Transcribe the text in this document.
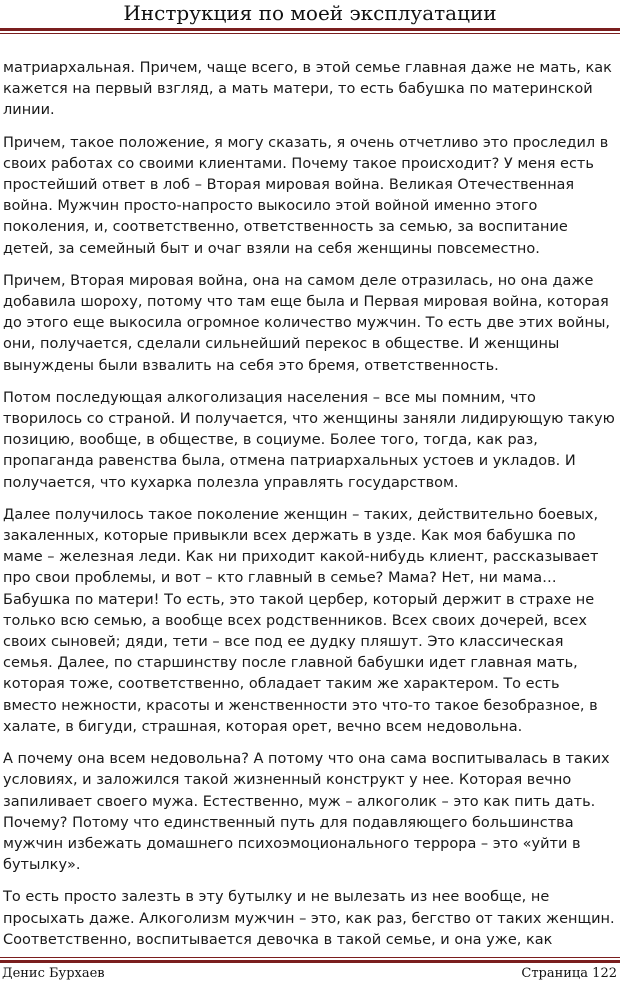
Инструкция по моей эксплуатации

матриархальная. Причем, чаще всего, в этой семье главная даже не мать, как кажется на первый взгляд, а мать матери, то есть бабушка по материнской линии.

Причем, такое положение, я могу сказать, я очень отчетливо это проследил в своих работах со своими клиентами. Почему такое происходит? У меня есть простейший ответ в лоб – Вторая мировая война. Великая Отечественная война. Мужчин просто-напросто выкосило этой войной именно этого поколения, и, соответственно, ответственность за семью, за воспитание детей, за семейный быт и очаг взяли на себя женщины повсеместно.

Причем, Вторая мировая война, она на самом деле отразилась, но она даже добавила шороху, потому что там еще была и Первая мировая война, которая до этого еще выкосила огромное количество мужчин. То есть две этих войны, они, получается, сделали сильнейший перекос в обществе. И женщины вынуждены были взвалить на себя это бремя, ответственность.

Потом последующая алкоголизация населения – все мы помним, что творилось со страной. И получается, что женщины заняли лидирующую такую позицию, вообще, в обществе, в социуме. Более того, тогда, как раз, пропаганда равенства была, отмена патриархальных устоев и укладов. И получается, что кухарка полезла управлять государством.

Далее получилось такое поколение женщин – таких, действительно боевых, закаленных, которые привыкли всех держать в узде. Как моя бабушка по маме – железная леди. Как ни приходит какой-нибудь клиент, рассказывает про свои проблемы, и вот – кто главный в семье? Мама? Нет, ни мама… Бабушка по матери! То есть, это такой цербер, который держит в страхе не только всю семью, а вообще всех родственников. Всех своих дочерей, всех своих сыновей; дяди, тети – все под ее дудку пляшут. Это классическая семья. Далее, по старшинству после главной бабушки идет главная мать, которая тоже, соответственно, обладает таким же характером. То есть вместо нежности, красоты и женственности это что-то такое безобразное, в халате, в бигуди, страшная, которая орет, вечно всем недовольна.

А почему она всем недовольна? А потому что она сама воспитывалась в таких условиях, и заложился такой жизненный конструкт у нее. Которая вечно запиливает своего мужа. Естественно, муж – алкоголик – это как пить дать. Почему? Потому что единственный путь для подавляющего большинства мужчин избежать домашнего психоэмоционального террора – это «уйти в бутылку».

То есть просто залезть в эту бутылку и не вылезать из нее вообще, не просыхать даже. Алкоголизм мужчин – это, как раз, бегство от таких женщин. Соответственно, воспитывается девочка в такой семье, и она уже, как

Денис Бурхаев	Страница 122
